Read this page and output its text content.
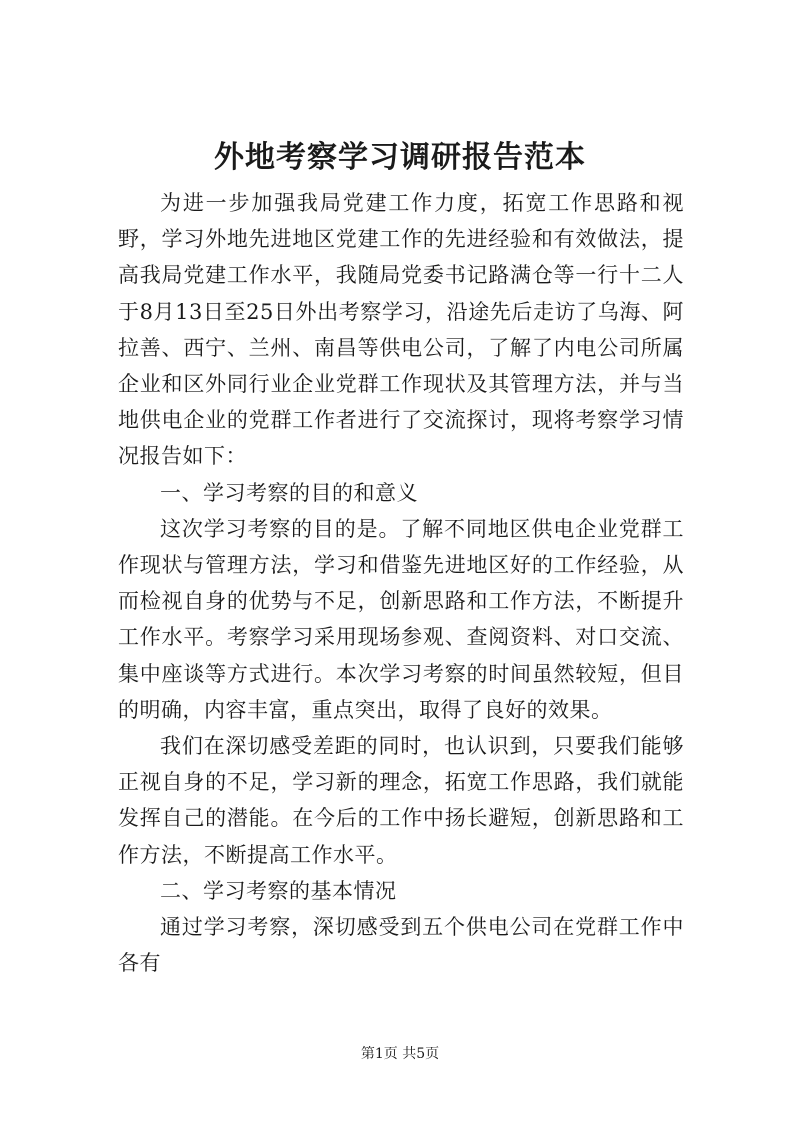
外地考察学习调研报告范本

为进一步加强我局党建工作力度，拓宽工作思路和视野，学习外地先进地区党建工作的先进经验和有效做法，提高我局党建工作水平，我随局党委书记路满仓等一行十二人于8月13日至25日外出考察学习，沿途先后走访了乌海、阿拉善、西宁、兰州、南昌等供电公司，了解了内电公司所属企业和区外同行业企业党群工作现状及其管理方法，并与当地供电企业的党群工作者进行了交流探讨，现将考察学习情况报告如下：

一、学习考察的目的和意义

这次学习考察的目的是。了解不同地区供电企业党群工作现状与管理方法，学习和借鉴先进地区好的工作经验，从而检视自身的优势与不足，创新思路和工作方法，不断提升工作水平。考察学习采用现场参观、查阅资料、对口交流、集中座谈等方式进行。本次学习考察的时间虽然较短，但目的明确，内容丰富，重点突出，取得了良好的效果。

我们在深切感受差距的同时，也认识到，只要我们能够正视自身的不足，学习新的理念，拓宽工作思路，我们就能发挥自己的潜能。在今后的工作中扬长避短，创新思路和工作方法，不断提高工作水平。

二、学习考察的基本情况

通过学习考察，深切感受到五个供电公司在党群工作中各有

第1页 共5页
